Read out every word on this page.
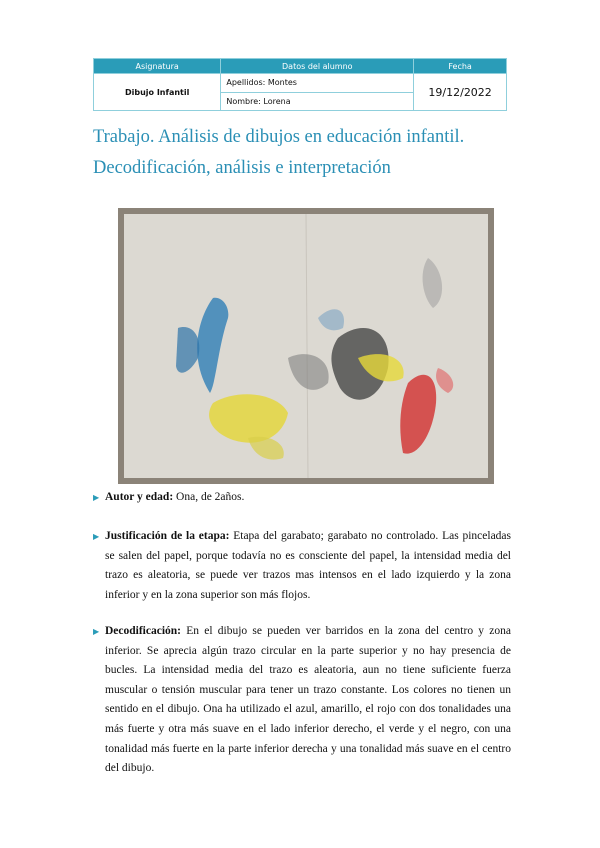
Asignatura	Datos del alumno	Fecha
Dibujo Infantil	Apellidos: Montes	19/12/2022
	Nombre: Lorena	
Trabajo. Análisis de dibujos en educación infantil.
Decodificación, análisis e interpretación

▶ Autor y edad: Ona, de 2años.

▶ Justificación de la etapa: Etapa del garabato; garabato no controlado. Las pinceladas se salen del papel, porque todavía no es consciente del papel, la intensidad media del trazo es aleatoria, se puede ver trazos mas intensos en el lado izquierdo y la zona inferior y en la zona superior son más flojos.

▶ Decodificación: En el dibujo se pueden ver barridos en la zona del centro y zona inferior. Se aprecia algún trazo circular en la parte superior y no hay presencia de bucles. La intensidad media del trazo es aleatoria, aun no tiene suficiente fuerza muscular o tensión muscular para tener un trazo constante. Los colores no tienen un sentido en el dibujo. Ona ha utilizado el azul, amarillo, el rojo con dos tonalidades una más fuerte y otra más suave en el lado inferior derecho, el verde y el negro, con una tonalidad más fuerte en la parte inferior derecha y una tonalidad más suave en el centro del dibujo.
